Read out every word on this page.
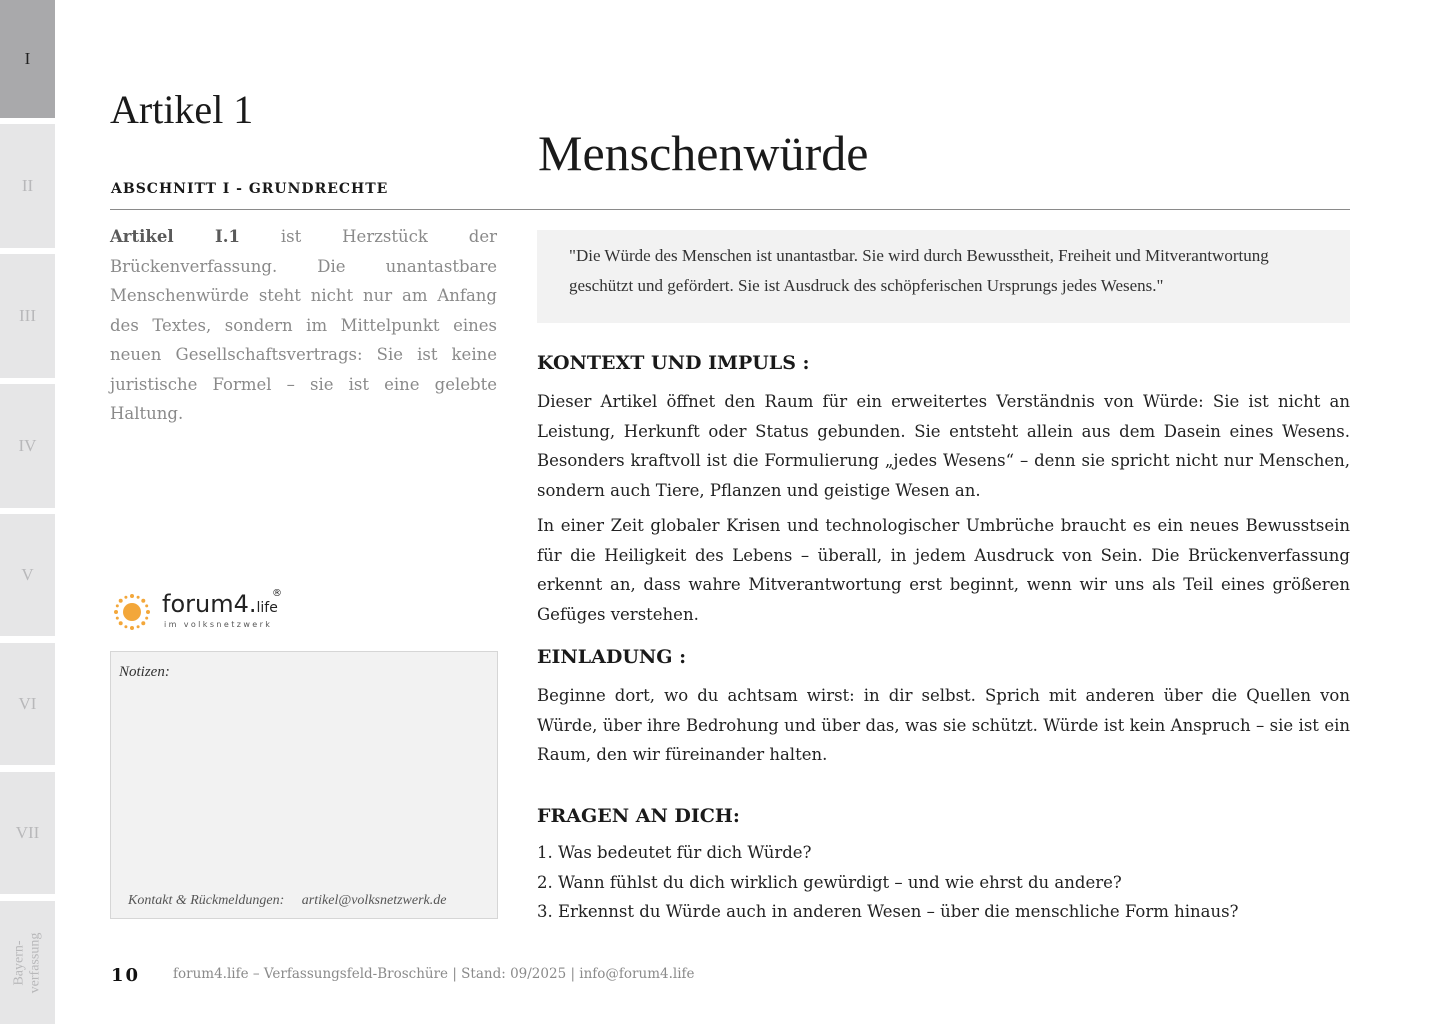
I
II
III
IV
V
VI
VII
Bayern-
verfassung
Artikel 1
Menschenwürde
ABSCHNITT I - GRUNDRECHTE

Artikel I.1 ist Herzstück der Brückenverfassung. Die unantastbare Menschenwürde steht nicht nur am Anfang des Textes, sondern im Mittelpunkt eines neuen Gesellschaftsvertrags: Sie ist keine juristische Formel – sie ist eine gelebte Haltung.

forum4.life
®
im volksnetzwerk
Notizen:
Kontakt & Rückmeldungen: artikel@volksnetzwerk.de

"Die Würde des Menschen ist unantastbar. Sie wird durch Bewusstheit, Freiheit und Mitverantwortung geschützt und gefördert. Sie ist Ausdruck des schöpferischen Ursprungs jedes Wesens."

KONTEXT UND IMPULS :

Dieser Artikel öffnet den Raum für ein erweitertes Verständnis von Würde: Sie ist nicht an Leistung, Herkunft oder Status gebunden. Sie entsteht allein aus dem Dasein eines Wesens. Besonders kraftvoll ist die Formulierung „jedes Wesens“ – denn sie spricht nicht nur Menschen, sondern auch Tiere, Pflanzen und geistige Wesen an.

In einer Zeit globaler Krisen und technologischer Umbrüche braucht es ein neues Bewusstsein für die Heiligkeit des Lebens – überall, in jedem Ausdruck von Sein. Die Brückenverfassung erkennt an, dass wahre Mitverantwortung erst beginnt, wenn wir uns als Teil eines größeren Gefüges verstehen.

EINLADUNG :

Beginne dort, wo du achtsam wirst: in dir selbst. Sprich mit anderen über die Quellen von Würde, über ihre Bedrohung und über das, was sie schützt. Würde ist kein Anspruch – sie ist ein Raum, den wir füreinander halten.

FRAGEN AN DICH:
1. Was bedeutet für dich Würde?
2. Wann fühlst du dich wirklich gewürdigt – und wie ehrst du andere?
3. Erkennst du Würde auch in anderen Wesen – über die menschliche Form hinaus?
10 forum4.life – Verfassungsfeld-Broschüre | Stand: 09/2025 | info@forum4.life
